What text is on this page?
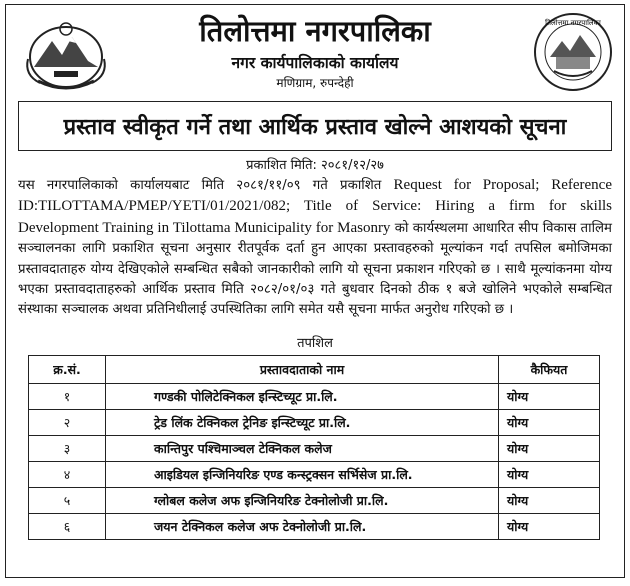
तिलोत्तमा नगरपालिका
तिलोत्तमा नगरपालिका
नगर कार्यपालिकाको कार्यालय
मणिग्राम, रुपन्देही
प्रस्ताव स्वीकृत गर्ने तथा आर्थिक प्रस्ताव खोल्ने आशयको सूचना
प्रकाशित मिति: २०८१/१२/२७
यस नगरपालिकाको कार्यालयबाट मिति २०८१/११/०९ गते प्रकाशित Request for Proposal; Reference ID:TILOTTAMA/PMEP/YETI/01/2021/082; Title of Service: Hiring a firm for skills Development Training in Tilottama Municipality for Masonry को कार्यस्थलमा आधारित सीप विकास तालिम सञ्चालनका लागि प्रकाशित सूचना अनुसार रीतपूर्वक दर्ता हुन आएका प्रस्तावहरुको मूल्यांकन गर्दा तपसिल बमोजिमका प्रस्तावदाताहरु योग्य देखिएकोले सम्बन्धित सबैको जानकारीको लागि यो सूचना प्रकाशन गरिएको छ । साथै मूल्यांकनमा योग्य भएका प्रस्तावदाताहरुको आर्थिक प्रस्ताव मिति २०८२/०१/०३ गते बुधवार दिनको ठीक १ बजे खोलिने भएकोले सम्बन्धित संस्थाका सञ्चालक अथवा प्रतिनिधीलाई उपस्थितिका लागि समेत यसै सूचना मार्फत अनुरोध गरिएको छ ।
तपशिल
क्र.सं.	प्रस्तावदाताको नाम	कैफियत
१	गण्डकी पोलिटेक्निकल इन्स्टिच्यूट प्रा.लि.	योग्य
२	ट्रेड लिंक टेक्निकल ट्रेनिङ इन्स्टिच्यूट प्रा.लि.	योग्य
३	कान्तिपुर पश्चिमाञ्चल टेक्निकल कलेज	योग्य
४	आइडियल इन्जिनियरिङ एण्ड कन्स्ट्रक्सन सर्भिसेज प्रा.लि.	योग्य
५	ग्लोबल कलेज अफ इन्जिनियरिङ टेक्नोलोजी प्रा.लि.	योग्य
६	जयन टेक्निकल कलेज अफ टेक्नोलोजी प्रा.लि.	योग्य
